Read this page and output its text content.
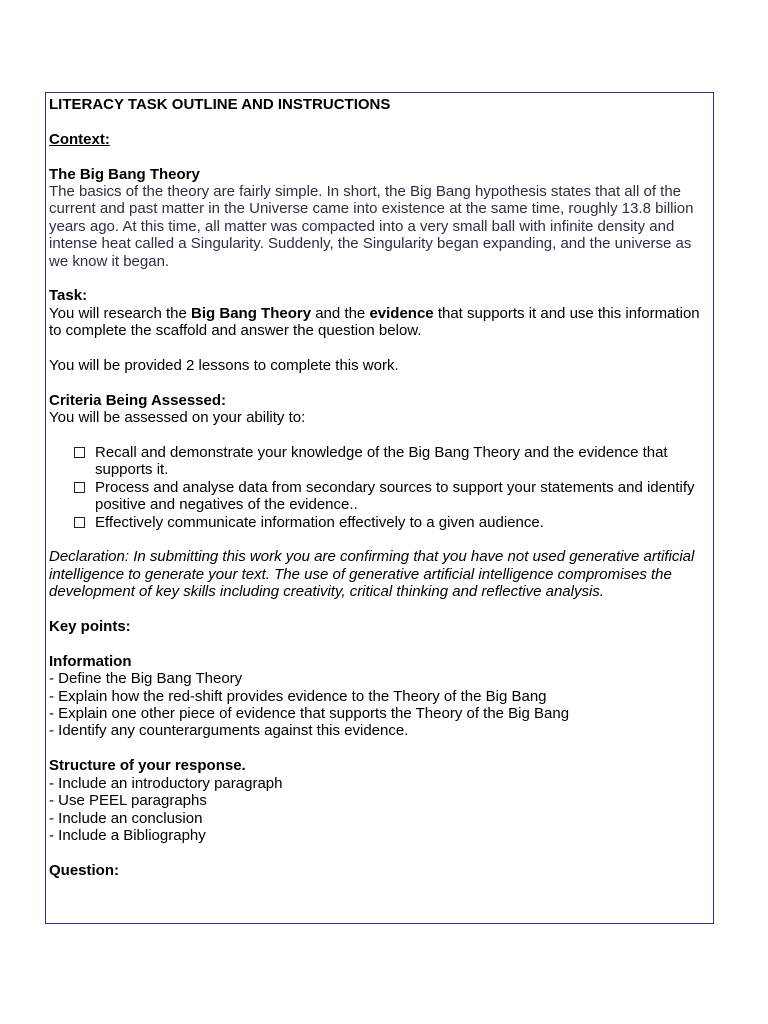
LITERACY TASK OUTLINE AND INSTRUCTIONS

Context:

The Big Bang Theory

The basics of the theory are fairly simple. In short, the Big Bang hypothesis states that all of the current and past matter in the Universe came into existence at the same time, roughly 13.8 billion years ago. At this time, all matter was compacted into a very small ball with infinite density and intense heat called a Singularity. Suddenly, the Singularity began expanding, and the universe as we know it began.

Task:

You will research the Big Bang Theory and the evidence that supports it and use this information to complete the scaffold and answer the question below.

You will be provided 2 lessons to complete this work.

Criteria Being Assessed:

You will be assessed on your ability to:

Recall and demonstrate your knowledge of the Big Bang Theory and the evidence that supports it.
Process and analyse data from secondary sources to support your statements and identify positive and negatives of the evidence..
Effectively communicate information effectively to a given audience.

Declaration: In submitting this work you are confirming that you have not used generative artificial intelligence to generate your text. The use of generative artificial intelligence compromises the development of key skills including creativity, critical thinking and reflective analysis.

Key points:

Information

- Define the Big Bang Theory

- Explain how the red-shift provides evidence to the Theory of the Big Bang

- Explain one other piece of evidence that supports the Theory of the Big Bang

- Identify any counterarguments against this evidence.

Structure of your response.

- Include an introductory paragraph

- Use PEEL paragraphs

- Include an conclusion

- Include a Bibliography

Question:
